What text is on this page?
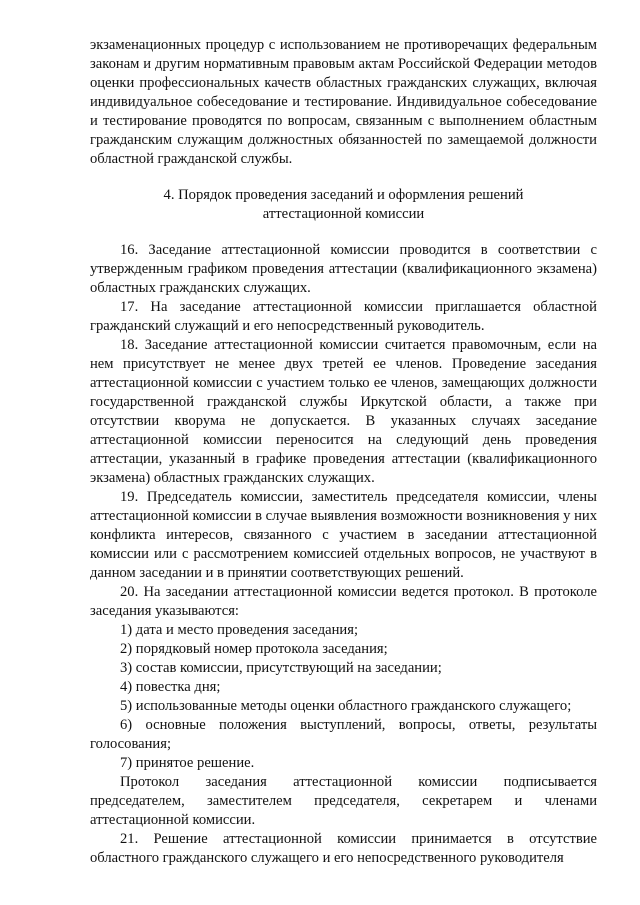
экзаменационных процедур с использованием не противоречащих федеральным законам и другим нормативным правовым актам Российской Федерации методов оценки профессиональных качеств областных гражданских служащих, включая индивидуальное собеседование и тестирование. Индивидуальное собеседование и тестирование проводятся по вопросам, связанным с выполнением областным гражданским служащим должностных обязанностей по замещаемой должности областной гражданской службы.

4. Порядок проведения заседаний и оформления решений
аттестационной комиссии

16. Заседание аттестационной комиссии проводится в соответствии с утвержденным графиком проведения аттестации (квалификационного экзамена) областных гражданских служащих.

17. На заседание аттестационной комиссии приглашается областной гражданский служащий и его непосредственный руководитель.

18. Заседание аттестационной комиссии считается правомочным, если на нем присутствует не менее двух третей ее членов. Проведение заседания аттестационной комиссии с участием только ее членов, замещающих должности государственной гражданской службы Иркутской области, а также при отсутствии кворума не допускается. В указанных случаях заседание аттестационной комиссии переносится на следующий день проведения аттестации, указанный в графике проведения аттестации (квалификационного экзамена) областных гражданских служащих.

19. Председатель комиссии, заместитель председателя комиссии, члены аттестационной комиссии в случае выявления возможности возникновения у них конфликта интересов, связанного с участием в заседании аттестационной комиссии или с рассмотрением комиссией отдельных вопросов, не участвуют в данном заседании и в принятии соответствующих решений.

20. На заседании аттестационной комиссии ведется протокол. В протоколе заседания указываются:

1) дата и место проведения заседания;

2) порядковый номер протокола заседания;

3) состав комиссии, присутствующий на заседании;

4) повестка дня;

5) использованные методы оценки областного гражданского служащего;

6) основные положения выступлений, вопросы, ответы, результаты голосования;

7) принятое решение.

Протокол заседания аттестационной комиссии подписывается председателем, заместителем председателя, секретарем и членами аттестационной комиссии.

21. Решение аттестационной комиссии принимается в отсутствие областного гражданского служащего и его непосредственного руководителя
